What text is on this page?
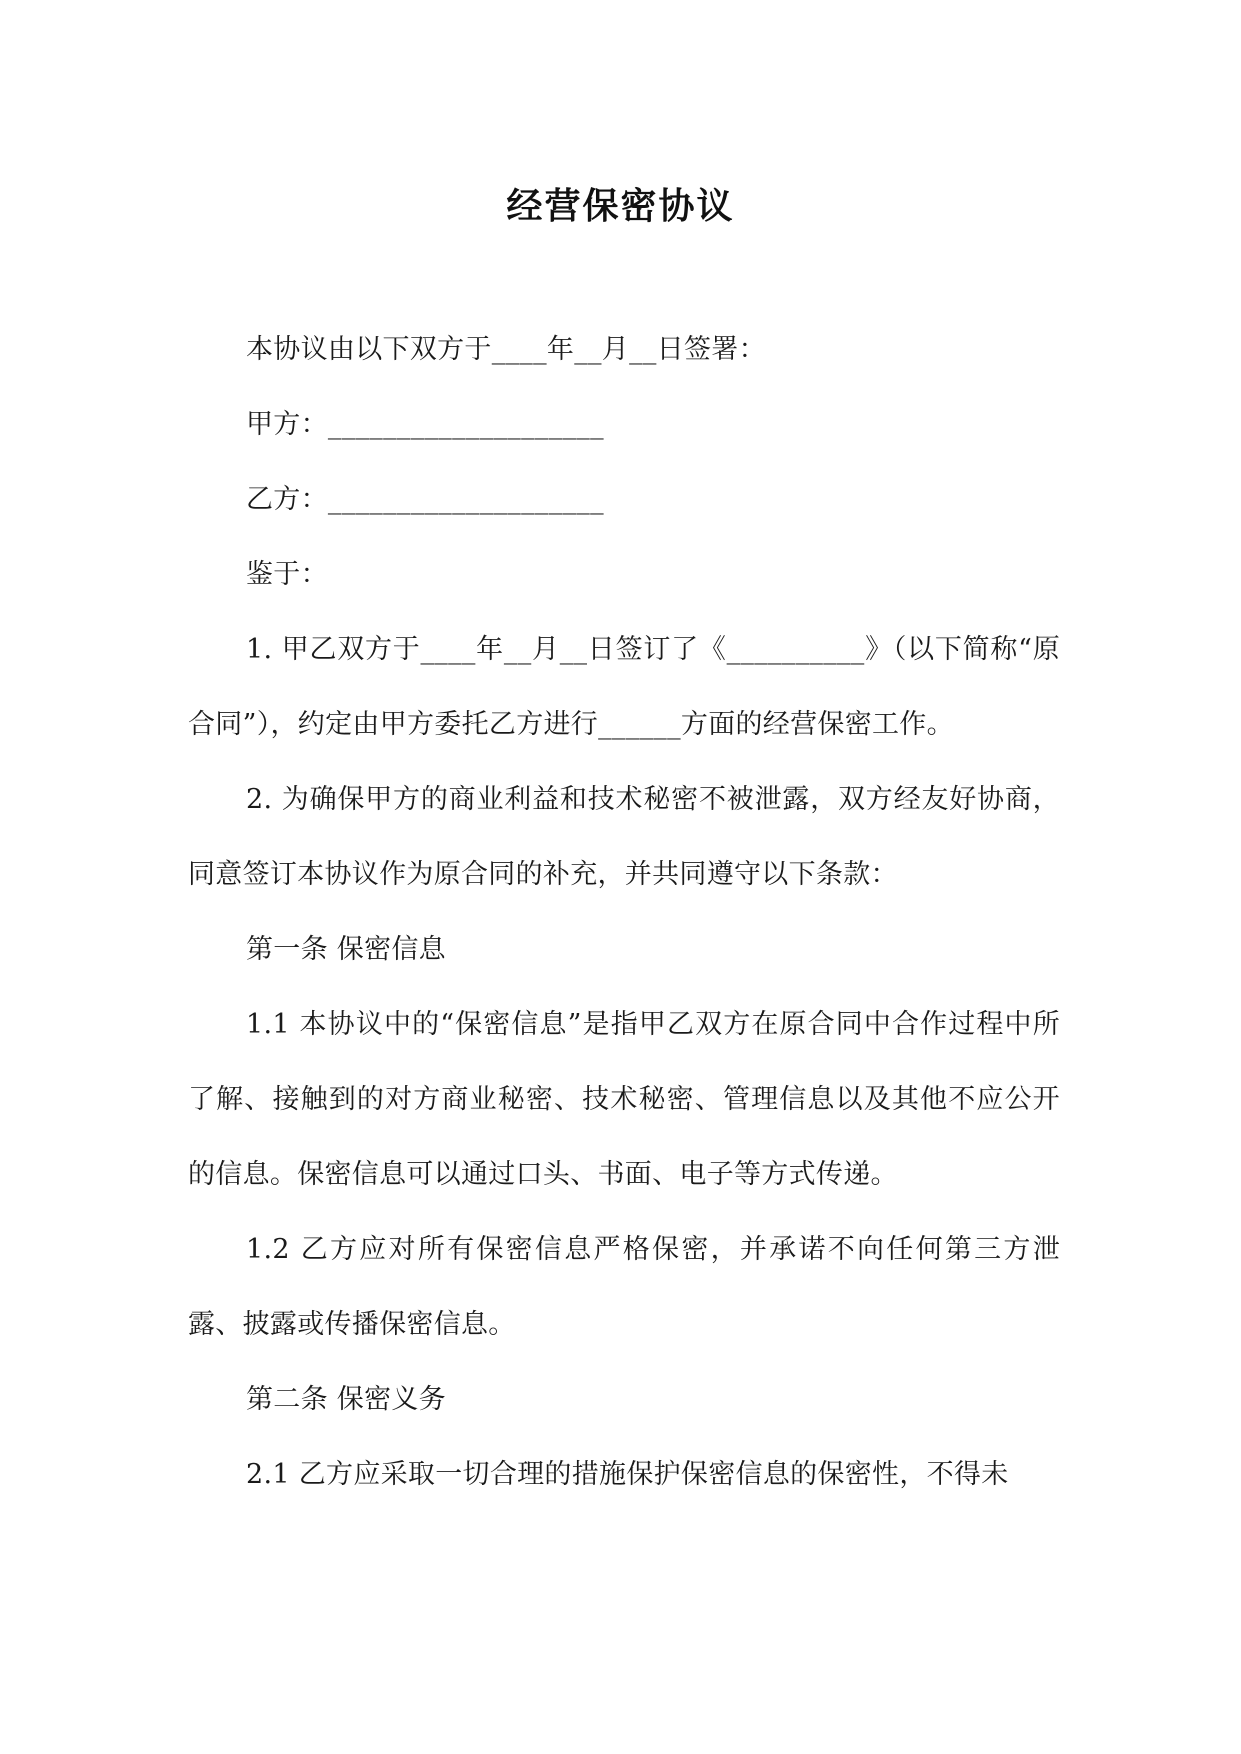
经营保密协议

本协议由以下双方于____年__月__日签署：

甲方：____________________

乙方：____________________

鉴于：

1. 甲乙双方于____年__月__日签订了《__________》（以下简称“原合同”），约定由甲方委托乙方进行______方面的经营保密工作。

2. 为确保甲方的商业利益和技术秘密不被泄露，双方经友好协商，同意签订本协议作为原合同的补充，并共同遵守以下条款：

第一条 保密信息

1.1 本协议中的“保密信息”是指甲乙双方在原合同中合作过程中所了解、接触到的对方商业秘密、技术秘密、管理信息以及其他不应公开的信息。保密信息可以通过口头、书面、电子等方式传递。

1.2 乙方应对所有保密信息严格保密，并承诺不向任何第三方泄露、披露或传播保密信息。

第二条 保密义务

2.1 乙方应采取一切合理的措施保护保密信息的保密性，不得未
